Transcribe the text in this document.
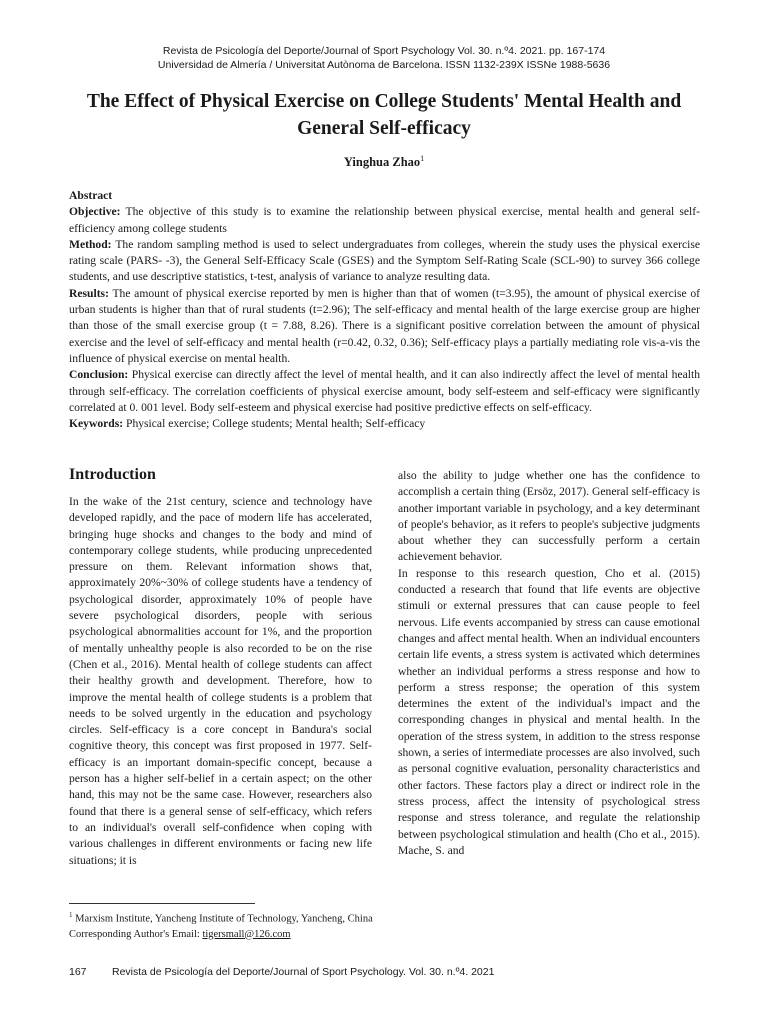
Revista de Psicología del Deporte/Journal of Sport Psychology Vol. 30. n.º4. 2021. pp. 167-174
Universidad de Almería / Universitat Autònoma de Barcelona. ISSN 1132-239X ISSNe 1988-5636
The Effect of Physical Exercise on College Students' Mental Health and General Self-efficacy
Yinghua Zhao$^1$

Abstract

Objective: The objective of this study is to examine the relationship between physical exercise, mental health and general self-efficiency among college students

Method: The random sampling method is used to select undergraduates from colleges, wherein the study uses the physical exercise rating scale (PARS- -3), the General Self-Efficacy Scale (GSES) and the Symptom Self-Rating Scale (SCL-90) to survey 366 college students, and use descriptive statistics, t-test, analysis of variance to analyze resulting data.

Results: The amount of physical exercise reported by men is higher than that of women (t=3.95), the amount of physical exercise of urban students is higher than that of rural students (t=2.96); The self-efficacy and mental health of the large exercise group are higher than those of the small exercise group (t = 7.88, 8.26). There is a significant positive correlation between the amount of physical exercise and the level of self-efficacy and mental health (r=0.42, 0.32, 0.36); Self-efficacy plays a partially mediating role vis-a-vis the influence of physical exercise on mental health.

Conclusion: Physical exercise can directly affect the level of mental health, and it can also indirectly affect the level of mental health through self-efficacy. The correlation coefficients of physical exercise amount, body self-esteem and self-efficacy were significantly correlated at 0. 001 level. Body self-esteem and physical exercise had positive predictive effects on self-efficacy.

Keywords: Physical exercise; College students; Mental health; Self-efficacy

Introduction

In the wake of the 21st century, science and technology have developed rapidly, and the pace of modern life has accelerated, bringing huge shocks and changes to the body and mind of contemporary college students, while producing unprecedented pressure on them. Relevant information shows that, approximately 20%~30% of college students have a tendency of psychological disorder, approximately 10% of people have severe psychological disorders, people with serious psychological abnormalities account for 1%, and the proportion of mentally unhealthy people is also recorded to be on the rise (Chen et al., 2016). Mental health of college students can affect their healthy growth and development. Therefore, how to improve the mental health of college students is a problem that needs to be solved urgently in the education and psychology circles. Self-efficacy is a core concept in Bandura's social cognitive theory, this concept was first proposed in 1977. Self-efficacy is an important domain-specific concept, because a person has a higher self-belief in a certain aspect; on the other hand, this may not be the same case. However, researchers also found that there is a general sense of self-efficacy, which refers to an individual's overall self-confidence when coping with various challenges in different environments or facing new life situations; it is

also the ability to judge whether one has the confidence to accomplish a certain thing (Ersöz, 2017). General self-efficacy is another important variable in psychology, and a key determinant of people's behavior, as it refers to people's subjective judgments about whether they can successfully perform a certain achievement behavior.

In response to this research question, Cho et al. (2015) conducted a research that found that life events are objective stimuli or external pressures that can cause people to feel nervous. Life events accompanied by stress can cause emotional changes and affect mental health. When an individual encounters certain life events, a stress system is activated which determines whether an individual performs a stress response and how to perform a stress response; the operation of this system determines the extent of the individual's impact and the corresponding changes in physical and mental health. In the operation of the stress system, in addition to the stress response shown, a series of intermediate processes are also involved, such as personal cognitive evaluation, personality characteristics and other factors. These factors play a direct or indirect role in the stress process, affect the intensity of psychological stress response and stress tolerance, and regulate the relationship between psychological stimulation and health (Cho et al., 2015). Mache, S. and

$^1$ Marxism Institute, Yancheng Institute of Technology, Yancheng, China

Corresponding Author's Email: tigersmall@126.com

167 Revista de Psicología del Deporte/Journal of Sport Psychology. Vol. 30. n.º4. 2021
